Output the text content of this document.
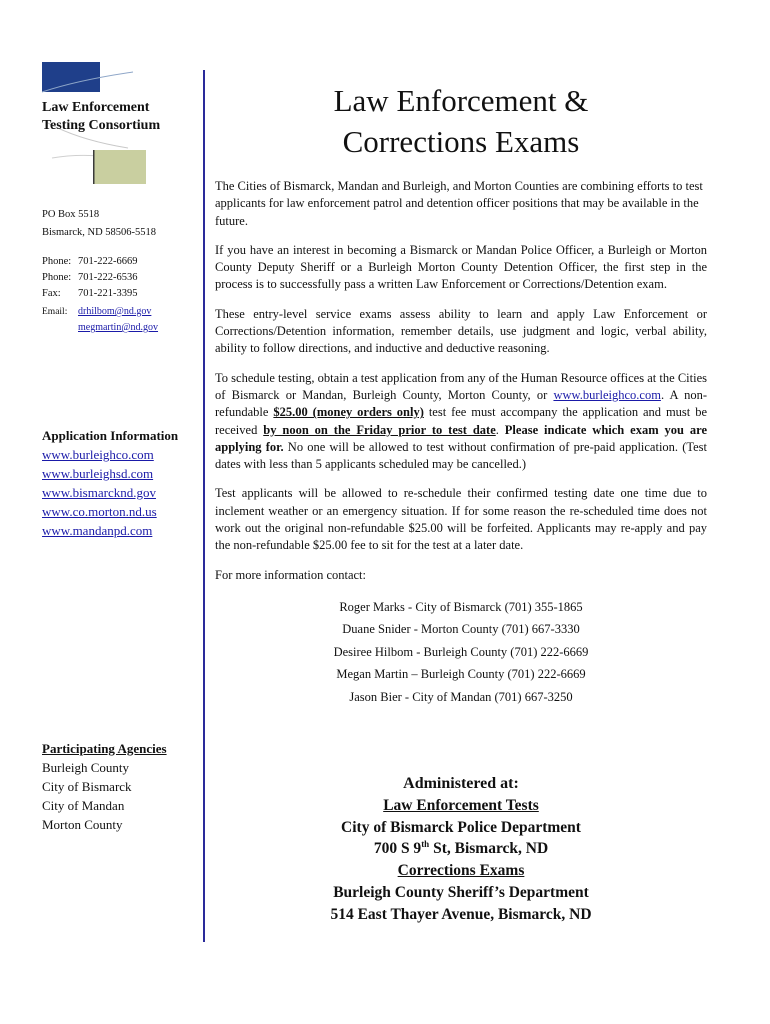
Law Enforcement
Testing Consortium
PO Box 5518
Bismarck, ND 58506-5518
Phone: 701-222-6669
Phone: 701-222-6536
Fax:	701-221-3395
Email:	drhilbom@nd.gov
megmartin@nd.gov
Application Information
www.burleighco.com
www.burleighsd.com
www.bismarcknd.gov
www.co.morton.nd.us
www.mandanpd.com
Participating Agencies
Burleigh County
City of Bismarck
City of Mandan
Morton County
Law Enforcement &
Corrections Exams

The Cities of Bismarck, Mandan and Burleigh, and Morton Counties are combining efforts to test applicants for law enforcement patrol and detention officer positions that may be available in the future.

If you have an interest in becoming a Bismarck or Mandan Police Officer, a Burleigh or Morton County Deputy Sheriff or a Burleigh Morton County Detention Officer, the first step in the process is to successfully pass a written Law Enforcement or Corrections/Detention exam.

These entry-level service exams assess ability to learn and apply Law Enforcement or Corrections/Detention information, remember details, use judgment and logic, verbal ability, ability to follow directions, and inductive and deductive reasoning.

To schedule testing, obtain a test application from any of the Human Resource offices at the Cities of Bismarck or Mandan, Burleigh County, Morton County, or www.burleighco.com. A non-refundable $25.00 (money orders only) test fee must accompany the application and must be received by noon on the Friday prior to test date. Please indicate which exam you are applying for. No one will be allowed to test without confirmation of pre-paid application. (Test dates with less than 5 applicants scheduled may be cancelled.)

Test applicants will be allowed to re-schedule their confirmed testing date one time due to inclement weather or an emergency situation. If for some reason the re-scheduled time does not work out the original non-refundable $25.00 will be forfeited. Applicants may re-apply and pay the non-refundable $25.00 fee to sit for the test at a later date.

For more information contact:

Roger Marks - City of Bismarck (701) 355-1865
Duane Snider - Morton County (701) 667-3330
Desiree Hilbom - Burleigh County (701) 222-6669
Megan Martin – Burleigh County (701) 222-6669
Jason Bier - City of Mandan (701) 667-3250
Administered at:
Law Enforcement Tests
City of Bismarck Police Department
700 S 9th St, Bismarck, ND
Corrections Exams
Burleigh County Sheriff’s Department
514 East Thayer Avenue, Bismarck, ND
